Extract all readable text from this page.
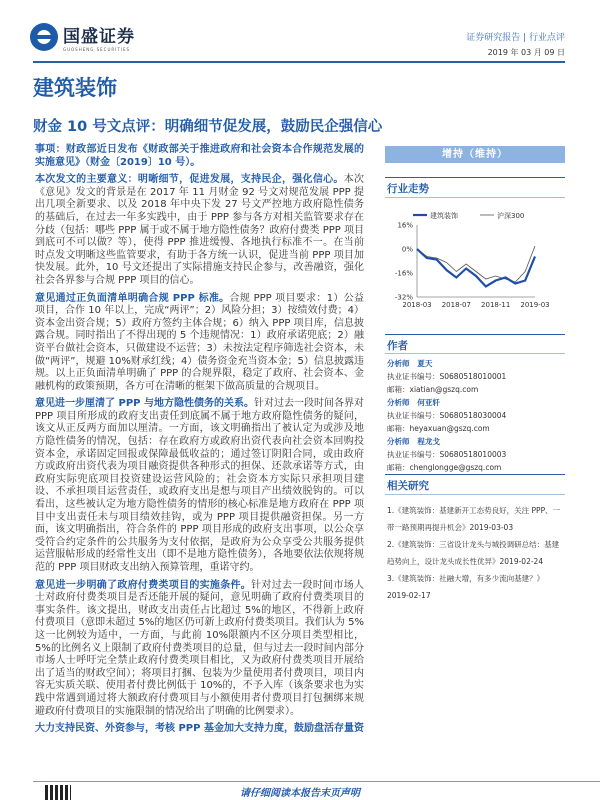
国盛证券
GUOSHENG SECURITIES
证券研究报告 | 行业点评
2019 年 03 月 09 日
建筑装饰
财金 10 号文点评：明确细节促发展，鼓励民企强信心

事项：财政部近日发布《财政部关于推进政府和社会资本合作规范发展的实施意见》（财金〔2019〕10 号）。

本次发文的主要意义：明晰细节，促进发展，支持民企，强化信心。本次《意见》发文的背景是在 2017 年 11 月财金 92 号文对规范发展 PPP 提出几项全新要求、以及 2018 年中央下发 27 号文严控地方政府隐性债务的基础后，在过去一年多实践中，由于 PPP 参与各方对相关监管要求存在分歧（包括：哪些 PPP 属于或不属于地方隐性债务？政府付费类 PPP 项目到底可不可以做？等），使得 PPP 推进缓慢、各地执行标准不一。在当前时点发文明晰这些监管要求，有助于各方统一认识，促进当前 PPP 项目加快发展。此外，10 号文还提出了实际措施支持民企参与，改善融资，强化社会各界参与合规 PPP 项目的信心。

意见通过正负面清单明确合规 PPP 标准。合规 PPP 项目要求：1）公益项目，合作 10 年以上，完成“两评”；2）风险分担；3）按绩效付费；4）资本金出资合规；5）政府方签约主体合规；6）纳入 PPP 项目库，信息披露合规。同时指出了不得出现的 5 个违规情况：1）政府承诺兜底；2）融资平台做社会资本，只做建设不运营；3）未按法定程序筛选社会资本，未做“两评”，规避 10%财承红线；4）债务资金充当资本金；5）信息披露违规。以上正负面清单明确了 PPP 的合规界限，稳定了政府、社会资本、金融机构的政策预期，各方可在清晰的框架下做高质量的合规项目。

意见进一步厘清了 PPP 与地方隐性债务的关系。针对过去一段时间各界对 PPP 项目所形成的政府支出责任到底属不属于地方政府隐性债务的疑问，该文从正反两方面加以厘清。一方面，该文明确指出了被认定为或涉及地方隐性债务的情况，包括：存在政府方或政府出资代表向社会资本回购投资本金，承诺固定回报或保障最低收益的；通过签订阴阳合同，或由政府方或政府出资代表为项目融资提供各种形式的担保、还款承诺等方式，由政府实际兜底项目投资建设运营风险的；社会资本方实际只承担项目建设、不承担项目运营责任，或政府支出是想与项目产出绩效脱钩的。可以看出，这些被认定为地方隐性债务的情形的核心标准是地方政府在 PPP 项目中支出责任未与项目绩效挂钩，或为 PPP 项目提供融资担保。另一方面，该文明确指出，符合条件的 PPP 项目形成的政府支出事项，以公众享受符合约定条件的公共服务为支付依据，是政府为公众享受公共服务提供运营服帖形成的经常性支出（即不是地方隐性债务），各地要依法依规将规范的 PPP 项目财政支出纳入预算管理，重诺守约。

意见进一步明确了政府付费类项目的实施条件。针对过去一段时间市场人士对政府付费类项目是否还能开展的疑问，意见明确了政府付费类项目的事实条件。该文提出，财政支出责任占比超过 5%的地区，不得新上政府付费项目（意即未超过 5%的地区仍可新上政府付费类项目。我们认为 5%这一比例较为适中，一方面，与此前 10%限额内不区分项目类型相比，5%的比例名义上限制了政府付费类项目的总量，但与过去一段时间内部分市场人士呼吁完全禁止政府付费类项目相比，又为政府付费类项目开展给出了适当的财政空间）；将项目打捆、包装为少量使用者付费项目，项目内容无实质关联、使用者付费比例低于 10%的，不予入库（该条要求也为实践中常遇到通过将大额政府付费项目与小额使用者付费项目打包捆绑来规避政府付费项目的实施限制的情况给出了明确的比例要求）。

大力支持民资、外资参与，考核 PPP 基金加大支持力度，鼓励盘活存量资

增持（维持）
行业走势
16%
0%
-16%
-32%
2018-03 2018-07 2018-11 2019-03
建筑装饰	沪深300
作者
分析师 夏天
执业证书编号：S0680518010001
邮箱：xiatian@gszq.com
分析师 何亚轩
执业证书编号：S0680518030004
邮箱：heyaxuan@gszq.com
分析师 程龙戈
执业证书编号：S0680518010003
邮箱：chenglongge@gszq.com
相关研究
1.《建筑装饰：基建新开工态势良好，关注 PPP、一带一路预期再提升机会》2019-03-03
2.《建筑装饰：三省设计龙头与城投调研总结：基建趋势向上，设计龙头成长性优异》2019-02-24
3.《建筑装饰：社融大增，有多少流向基建？》2019-02-17
请仔细阅读本报告末页声明
